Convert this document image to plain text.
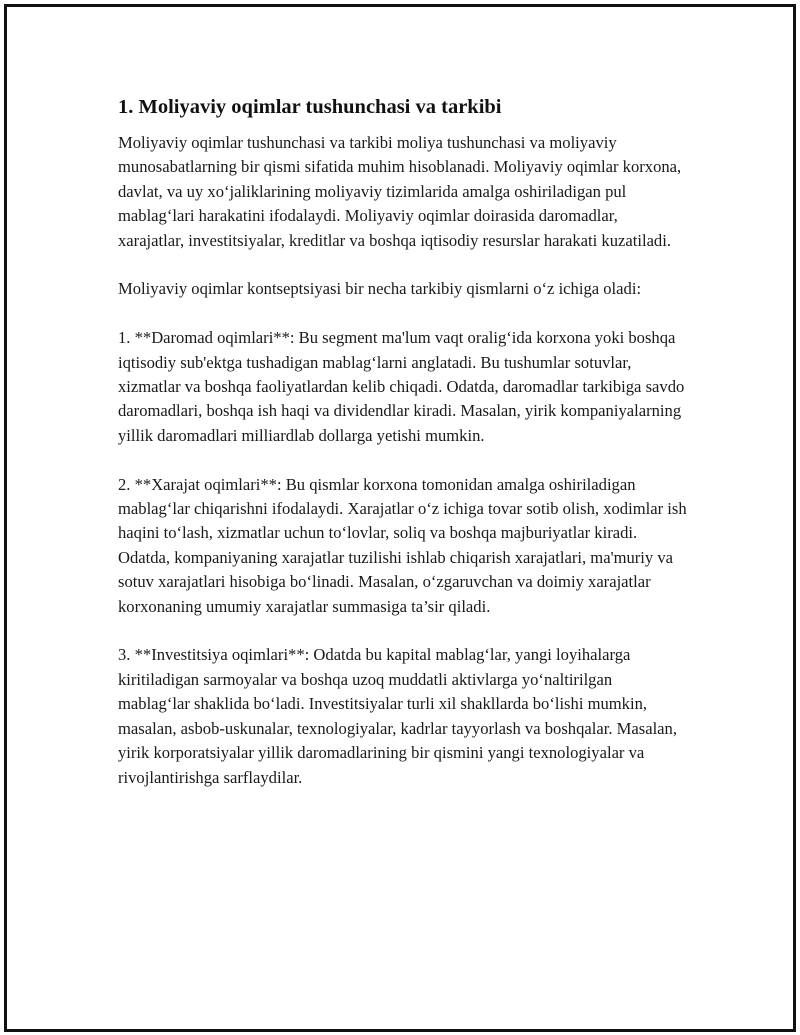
1. Moliyaviy oqimlar tushunchasi va tarkibi

Moliyaviy oqimlar tushunchasi va tarkibi moliya tushunchasi va moliyaviy munosabatlarning bir qismi sifatida muhim hisoblanadi. Moliyaviy oqimlar korxona, davlat, va uy xo‘jaliklarining moliyaviy tizimlarida amalga oshiriladigan pul mablag‘lari harakatini ifodalaydi. Moliyaviy oqimlar doirasida daromadlar, xarajatlar, investitsiyalar, kreditlar va boshqa iqtisodiy resurslar harakati kuzatiladi.

Moliyaviy oqimlar kontseptsiyasi bir necha tarkibiy qismlarni o‘z ichiga oladi:

1. **Daromad oqimlari**: Bu segment ma'lum vaqt oralig‘ida korxona yoki boshqa iqtisodiy sub'ektga tushadigan mablag‘larni anglatadi. Bu tushumlar sotuvlar, xizmatlar va boshqa faoliyatlardan kelib chiqadi. Odatda, daromadlar tarkibiga savdo daromadlari, boshqa ish haqi va dividendlar kiradi. Masalan, yirik kompaniyalarning yillik daromadlari milliardlab dollarga yetishi mumkin.

2. **Xarajat oqimlari**: Bu qismlar korxona tomonidan amalga oshiriladigan mablag‘lar chiqarishni ifodalaydi. Xarajatlar o‘z ichiga tovar sotib olish, xodimlar ish haqini to‘lash, xizmatlar uchun to‘lovlar, soliq va boshqa majburiyatlar kiradi. Odatda, kompaniyaning xarajatlar tuzilishi ishlab chiqarish xarajatlari, ma'muriy va sotuv xarajatlari hisobiga bo‘linadi. Masalan, o‘zgaruvchan va doimiy xarajatlar korxonaning umumiy xarajatlar summasiga ta’sir qiladi.

3. **Investitsiya oqimlari**: Odatda bu kapital mablag‘lar, yangi loyihalarga kiritiladigan sarmoyalar va boshqa uzoq muddatli aktivlarga yo‘naltirilgan mablag‘lar shaklida bo‘ladi. Investitsiyalar turli xil shakllarda bo‘lishi mumkin, masalan, asbob-uskunalar, texnologiyalar, kadrlar tayyorlash va boshqalar. Masalan, yirik korporatsiyalar yillik daromadlarining bir qismini yangi texnologiyalar va rivojlantirishga sarflaydilar.
